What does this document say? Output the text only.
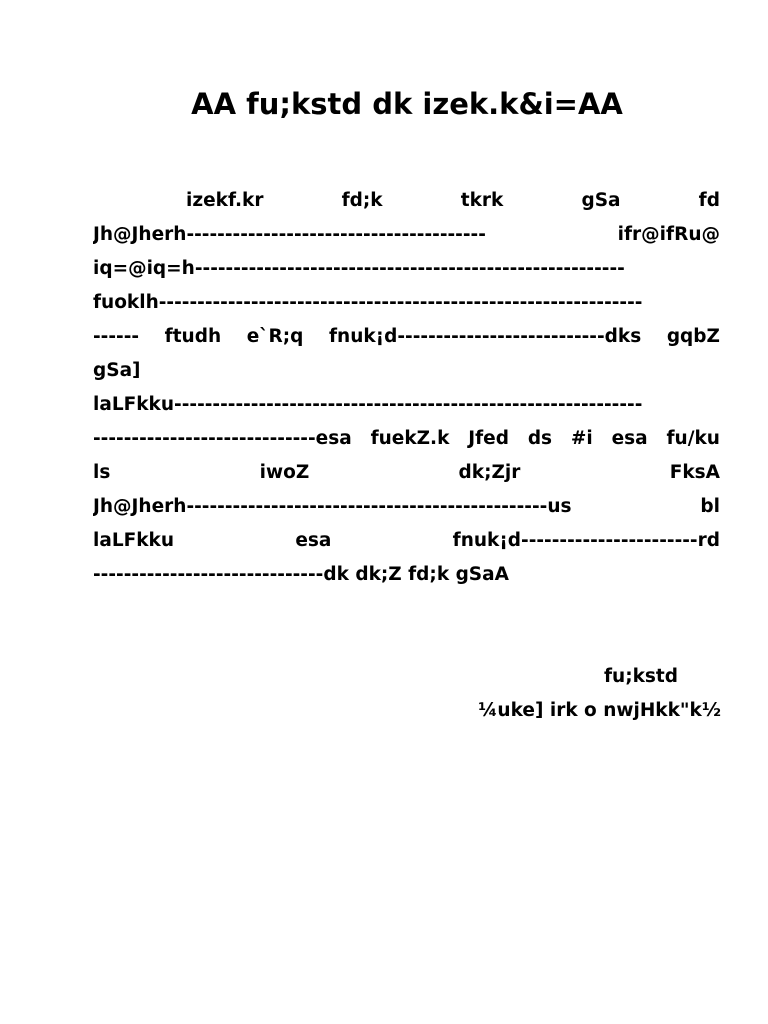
AA fu;kstd dk izek.k&i=AA
izekf.kr	fd;k	tkrk	gSa	fd
Jh@Jherh---------------------------------------	ifr@ifRu@
iq=@iq=h--------------------------------------------------------
fuoklh---------------------------------------------------------------
------ ftudh e`R;q fnuk¡d---------------------------dks gqbZ
gSa]
laLFkku-------------------------------------------------------------
-----------------------------esa fuekZ.k Jfed ds #i esa fu/ku
ls	iwoZ	dk;Zjr	FksA
Jh@Jherh-----------------------------------------------us	bl
laLFkku	esa	fnuk¡d-----------------------rd
------------------------------dk dk;Z fd;k gSaA
fu;kstd
¼uke] irk o nwjHkk"k½
